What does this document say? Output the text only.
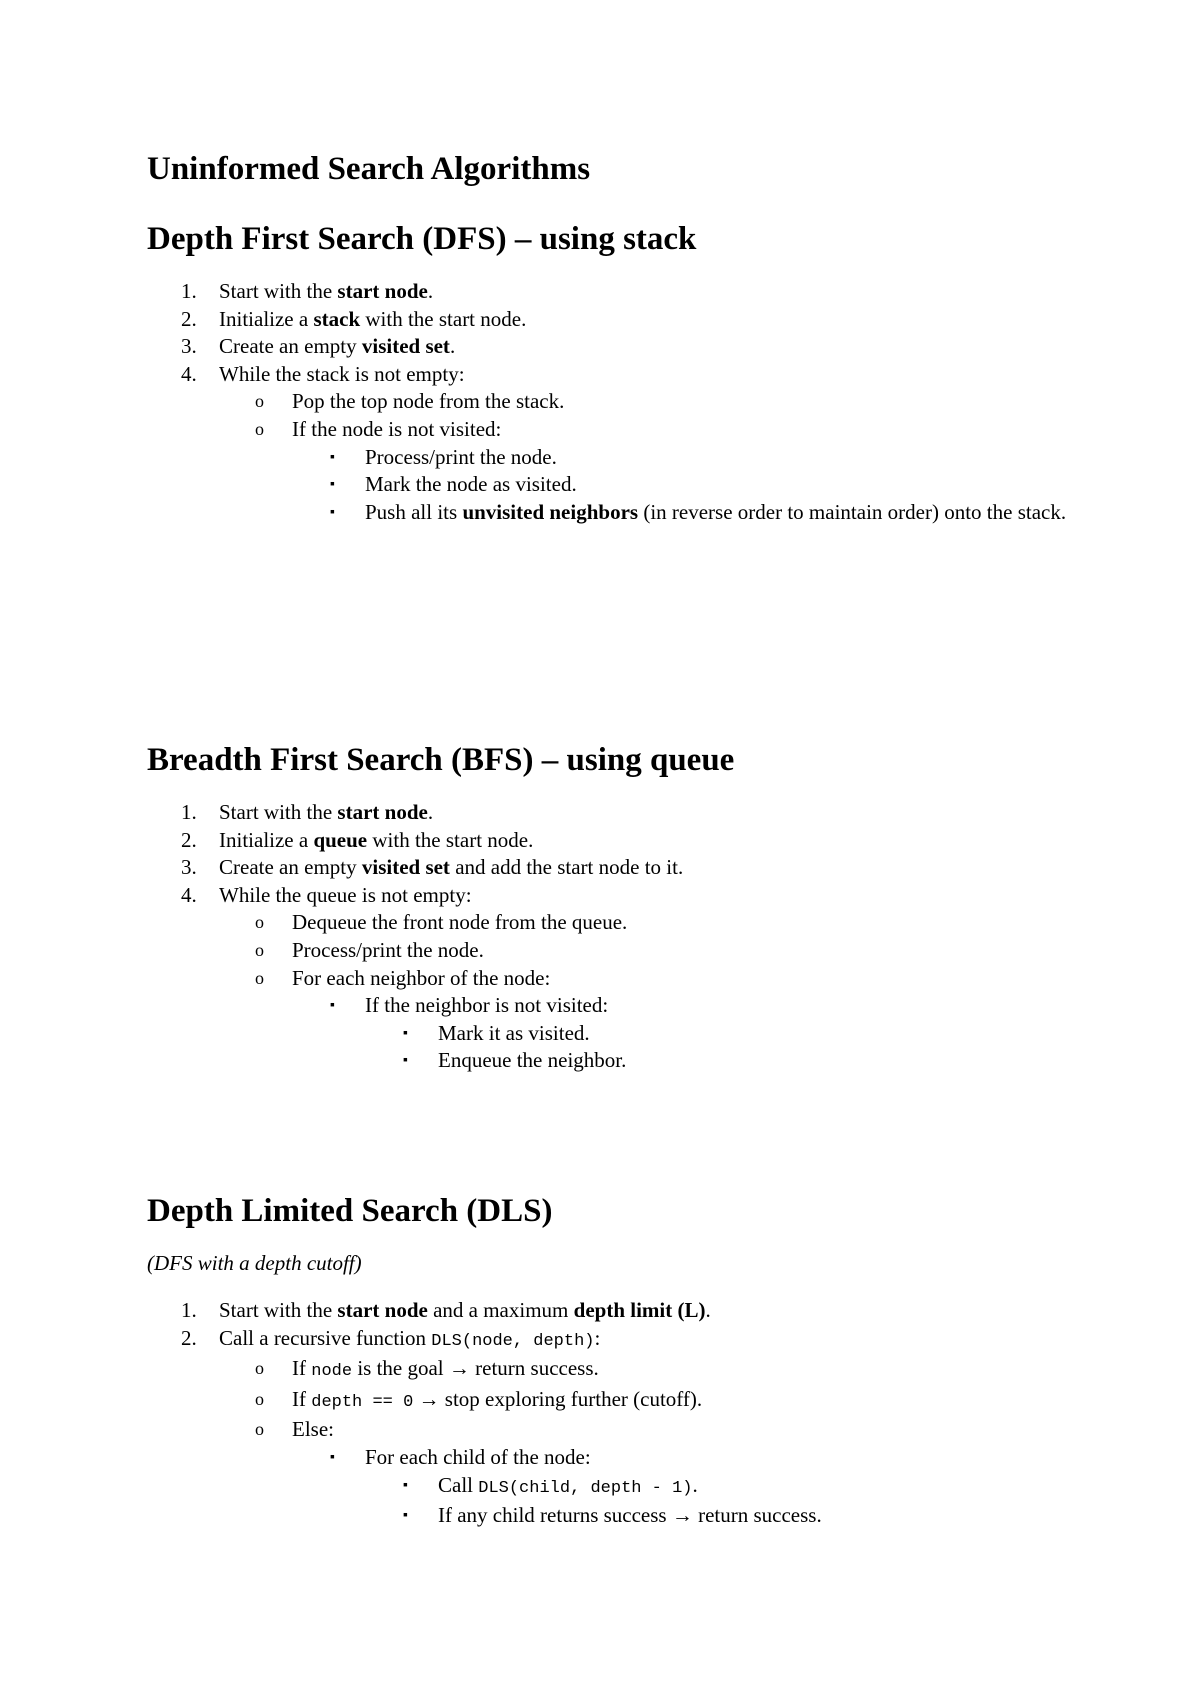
Uninformed Search Algorithms
Depth First Search (DFS) – using stack
1. Start with the start node.
2. Initialize a stack with the start node.
3. Create an empty visited set.
4. While the stack is not empty:
o Pop the top node from the stack.
o If the node is not visited:
▪ Process/print the node.
▪ Mark the node as visited.
▪ Push all its unvisited neighbors (in reverse order to maintain order) onto the stack.
Breadth First Search (BFS) – using queue
1. Start with the start node.
2. Initialize a queue with the start node.
3. Create an empty visited set and add the start node to it.
4. While the queue is not empty:
o Dequeue the front node from the queue.
o Process/print the node.
o For each neighbor of the node:
▪ If the neighbor is not visited:
▪ Mark it as visited.
▪ Enqueue the neighbor.
Depth Limited Search (DLS)
(DFS with a depth cutoff)
1. Start with the start node and a maximum depth limit (L).
2. Call a recursive function DLS(node, depth):
o If node is the goal → return success.
o If depth == 0 → stop exploring further (cutoff).
o Else:
▪ For each child of the node:
▪ Call DLS(child, depth - 1).
▪ If any child returns success → return success.
